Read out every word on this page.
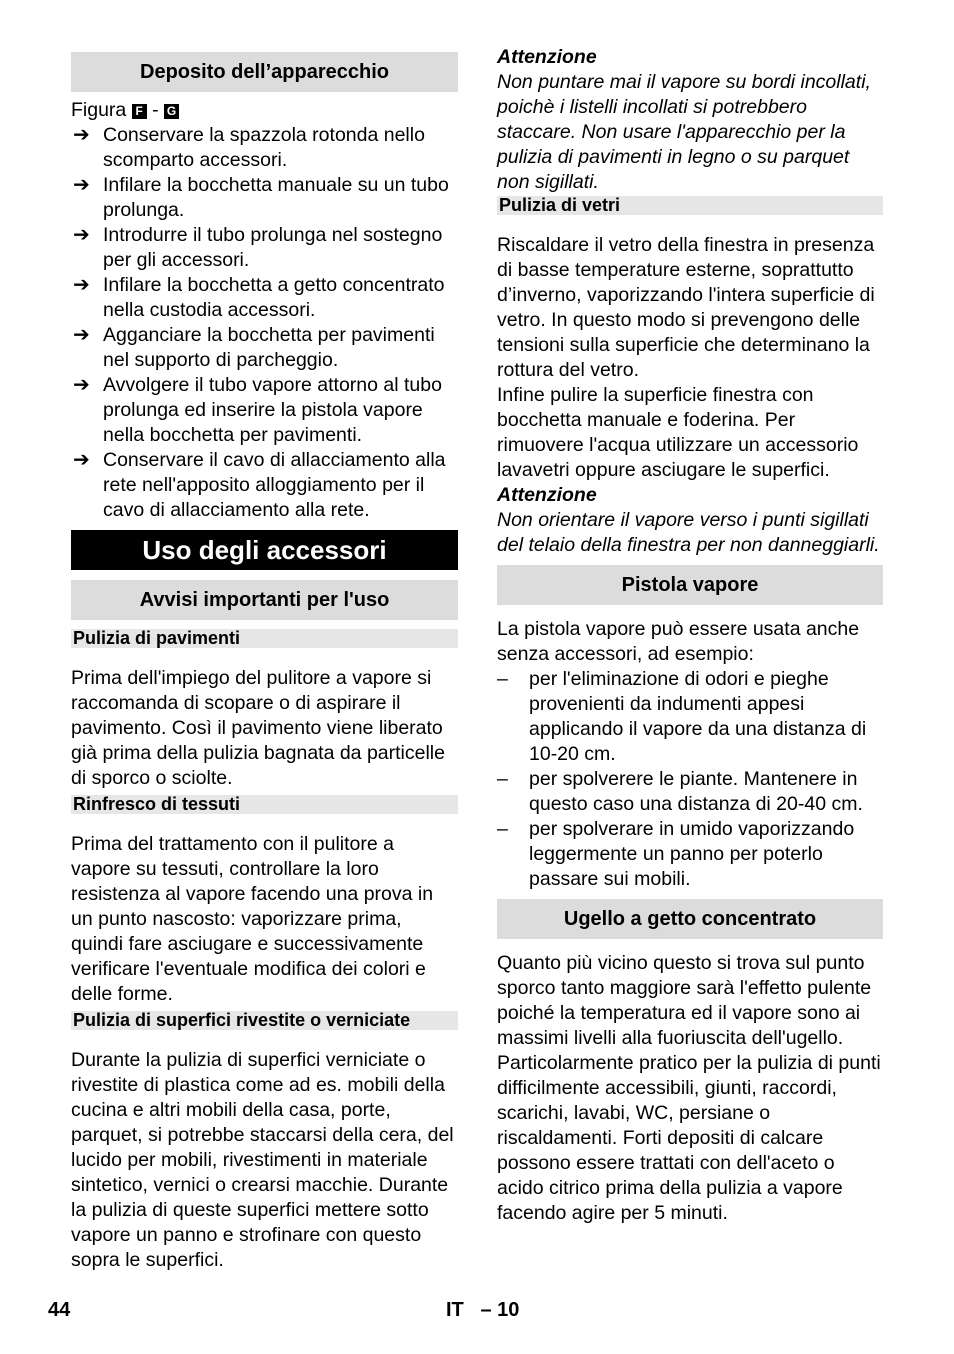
Deposito dell’apparecchio

Figura F - G

➔ Conservare la spazzola rotonda nello scomparto accessori.
➔ Infilare la bocchetta manuale su un tubo prolunga.
➔ Introdurre il tubo prolunga nel sostegno per gli accessori.
➔ Infilare la bocchetta a getto concentrato nella custodia accessori.
➔ Agganciare la bocchetta per pavimenti nel supporto di parcheggio.
➔ Avvolgere il tubo vapore attorno al tubo prolunga ed inserire la pistola vapore nella bocchetta per pavimenti.
➔ Conservare il cavo di allacciamento alla rete nell'apposito alloggiamento per il cavo di allacciamento alla rete.
Uso degli accessori
Avvisi importanti per l'uso
Pulizia di pavimenti

Prima dell'impiego del pulitore a vapore si raccomanda di scopare o di aspirare il pavimento. Così il pavimento viene liberato già prima della pulizia bagnata da particelle di sporco o sciolte.

Rinfresco di tessuti

Prima del trattamento con il pulitore a vapore su tessuti, controllare la loro resistenza al vapore facendo una prova in un punto nascosto: vaporizzare prima, quindi fare asciugare e successivamente verificare l'eventuale modifica dei colori e delle forme.

Pulizia di superfici rivestite o verniciate

Durante la pulizia di superfici verniciate o rivestite di plastica come ad es. mobili della cucina e altri mobili della casa, porte, parquet, si potrebbe staccarsi della cera, del lucido per mobili, rivestimenti in materiale sintetico, vernici o crearsi macchie. Durante la pulizia di queste superfici mettere sotto vapore un panno e strofinare con questo sopra le superfici.

Attenzione

Non puntare mai il vapore su bordi incollati, poichè i listelli incollati si potrebbero staccare. Non usare l'apparecchio per la pulizia di pavimenti in legno o su parquet non sigillati.

Pulizia di vetri

Riscaldare il vetro della finestra in presenza di basse temperature esterne, soprattutto d’inverno, vaporizzando l'intera superficie di vetro. In questo modo si prevengono delle tensioni sulla superficie che determinano la rottura del vetro.

Infine pulire la superficie finestra con bocchetta manuale e foderina. Per rimuovere l'acqua utilizzare un accessorio lavavetri oppure asciugare le superfici.

Attenzione

Non orientare il vapore verso i punti sigillati del telaio della finestra per non danneggiarli.

Pistola vapore

La pistola vapore può essere usata anche senza accessori, ad esempio:

– per l'eliminazione di odori e pieghe provenienti da indumenti appesi applicando il vapore da una distanza di 10-20 cm.
– per spolverere le piante. Mantenere in questo caso una distanza di 20-40 cm.
– per spolverare in umido vaporizzando leggermente un panno per poterlo passare sui mobili.
Ugello a getto concentrato

Quanto più vicino questo si trova sul punto sporco tanto maggiore sarà l'effetto pulente poiché la temperatura ed il vapore sono ai massimi livelli alla fuoriuscita dell'ugello. Particolarmente pratico per la pulizia di punti difficilmente accessibili, giunti, raccordi, scarichi, lavabi, WC, persiane o riscaldamenti. Forti depositi di calcare possono essere trattati con dell'aceto o acido citrico prima della pulizia a vapore facendo agire per 5 minuti.

44	IT   – 10
